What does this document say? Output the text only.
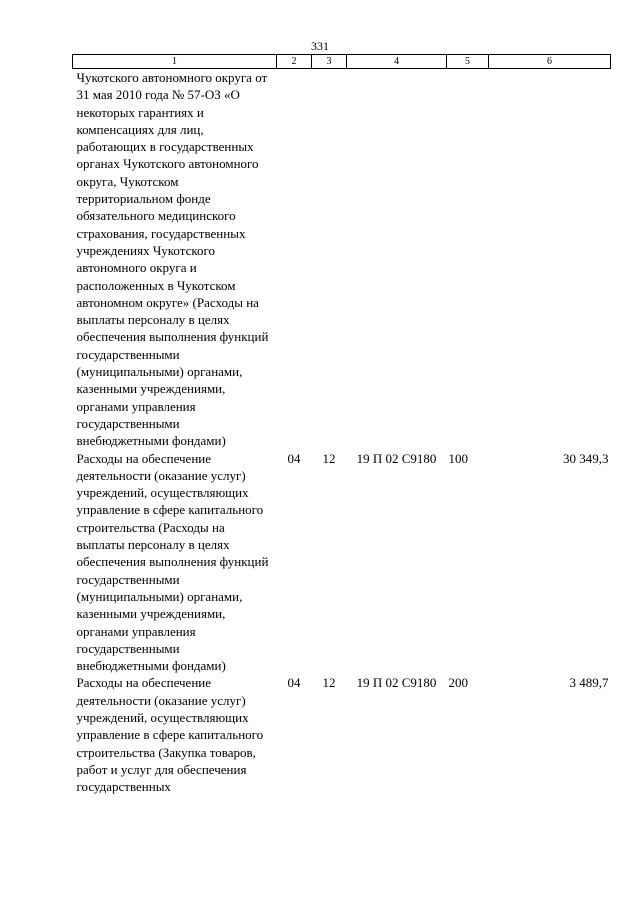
331
1	2	3	4	5	6
Чукотского автономного округа от 31 мая 2010 года № 57-ОЗ «О некоторых гарантиях и компенсациях для лиц, работающих в государственных органах Чукотского автономного округа, Чукотском территориальном фонде обязательного медицинского страхования, государственных учреждениях Чукотского автономного округа и расположенных в Чукотском автономном округе» (Расходы на выплаты персоналу в целях обеспечения выполнения функций государственными (муниципальными) органами, казенными учреждениями, органами управления государственными внебюджетными фондами)					
Расходы на обеспечение деятельности (оказание услуг) учреждений, осуществляющих управление в сфере капитального строительства (Расходы на выплаты персоналу в целях обеспечения выполнения функций государственными (муниципальными) органами, казенными учреждениями, органами управления государственными внебюджетными фондами)	04	12	19 П 02 С9180	100	30 349,3
Расходы на обеспечение деятельности (оказание услуг) учреждений, осуществляющих управление в сфере капитального строительства (Закупка товаров, работ и услуг для обеспечения государственных	04	12	19 П 02 С9180	200	3 489,7
